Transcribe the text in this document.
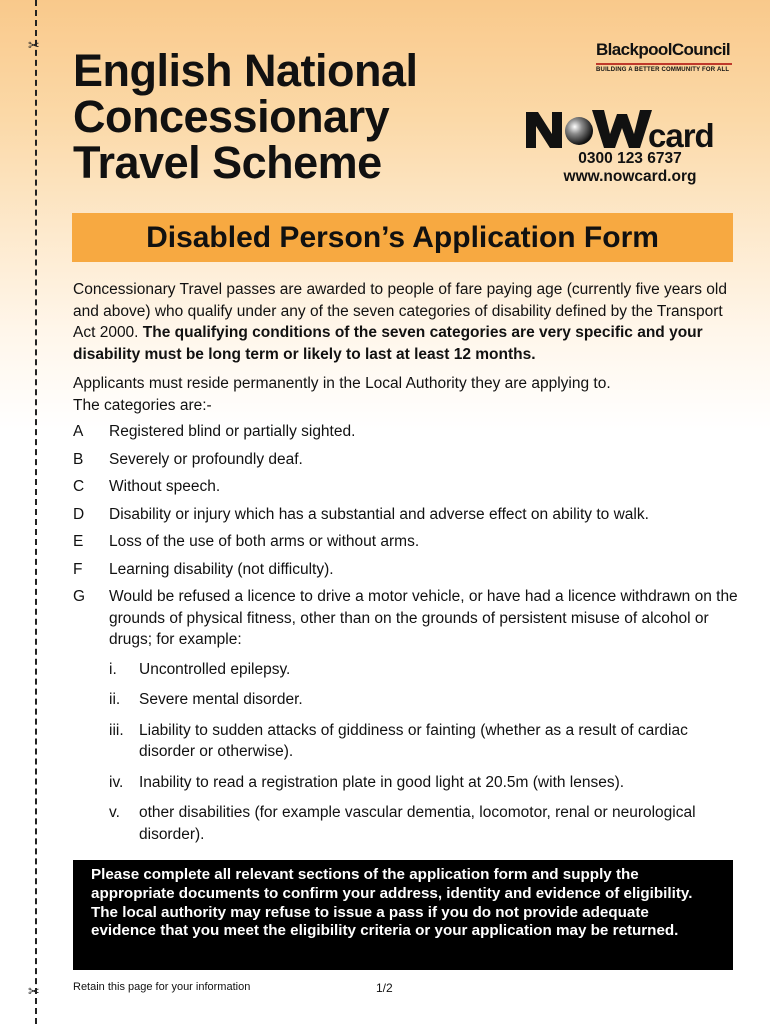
✂
✂
English National
Concessionary
Travel Scheme
BlackpoolCouncil
BUILDING A BETTER COMMUNITY FOR ALL
card
0300 123 6737
www.nowcard.org
Disabled Person’s Application Form

Concessionary Travel passes are awarded to people of fare paying age (currently five years old and above) who qualify under any of the seven categories of disability defined by the Transport Act 2000. The qualifying conditions of the seven categories are very specific and your disability must be long term or likely to last at least 12 months.

Applicants must reside permanently in the Local Authority they are applying to.
The categories are:-

A	Registered blind or partially sighted.
B	Severely or profoundly deaf.
C	Without speech.
D	Disability or injury which has a substantial and adverse effect on ability to walk.
E	Loss of the use of both arms or without arms.
F	Learning disability (not difficulty).
G	Would be refused a licence to drive a motor vehicle, or have had a licence withdrawn on the grounds of physical fitness, other than on the grounds of persistent misuse of alcohol or drugs; for example:
i.	Uncontrolled epilepsy.
ii.	Severe mental disorder.
iii. Liability to sudden attacks of giddiness or fainting (whether as a result of cardiac disorder or otherwise).
iv.	Inability to read a registration plate in good light at 20.5m (with lenses).
v.	other disabilities (for example vascular dementia, locomotor, renal or neurological disorder).
Please complete all relevant sections of the application form and supply the appropriate documents to confirm your address, identity and evidence of eligibility. The local authority may refuse to issue a pass if you do not provide adequate evidence that you meet the eligibility criteria or your application may be returned.
Retain this page for your information	1/2
